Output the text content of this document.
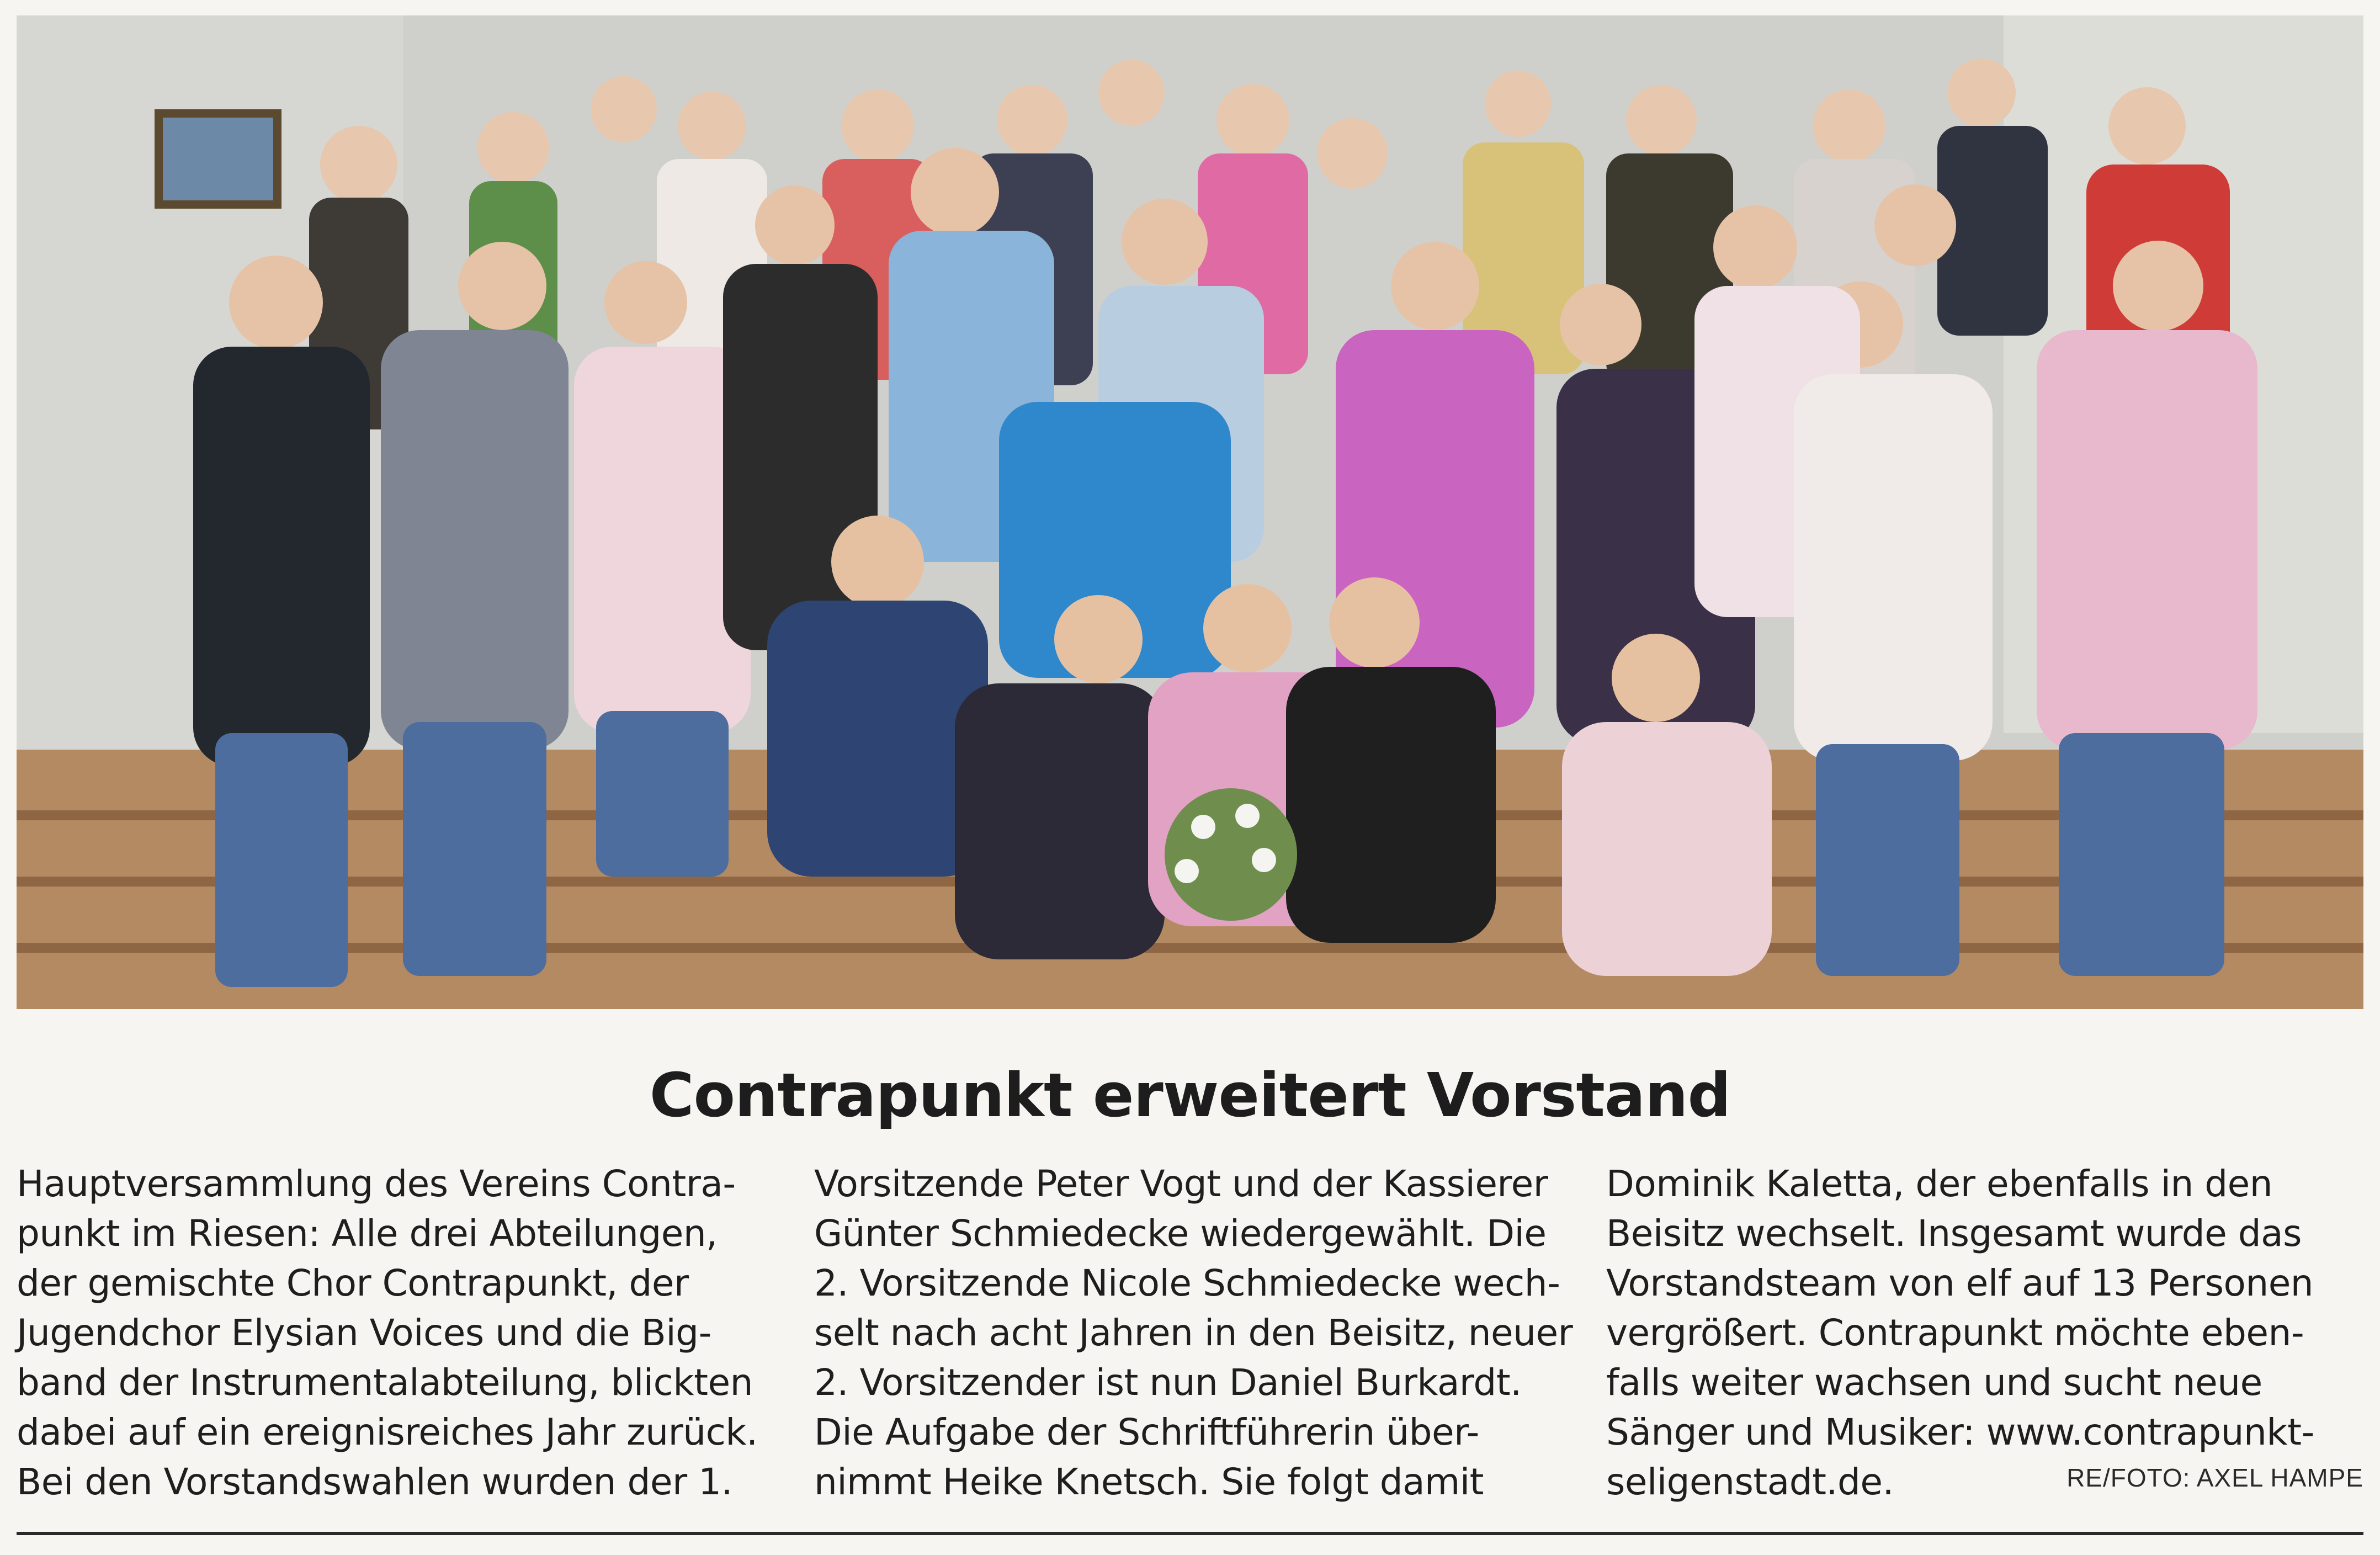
Contrapunkt erweitert Vorstand
Hauptversammlung des Vereins Contra-
punkt im Riesen: Alle drei Abteilungen,
der gemischte Chor Contrapunkt, der
Jugendchor Elysian Voices und die Big-
band der Instrumentalabteilung, blickten
dabei auf ein ereignisreiches Jahr zurück.
Bei den Vorstandswahlen wurden der 1.
Vorsitzende Peter Vogt und der Kassierer
Günter Schmiedecke wiedergewählt. Die
2. Vorsitzende Nicole Schmiedecke wech-
selt nach acht Jahren in den Beisitz, neuer
2. Vorsitzender ist nun Daniel Burkardt.
Die Aufgabe der Schriftführerin über-
nimmt Heike Knetsch. Sie folgt damit
Dominik Kaletta, der ebenfalls in den
Beisitz wechselt. Insgesamt wurde das
Vorstandsteam von elf auf 13 Personen
vergrößert. Contrapunkt möchte eben-
falls weiter wachsen und sucht neue
Sänger und Musiker: www.contrapunkt-
seligenstadt.de.	RE/FOTO: AXEL HAMPE
